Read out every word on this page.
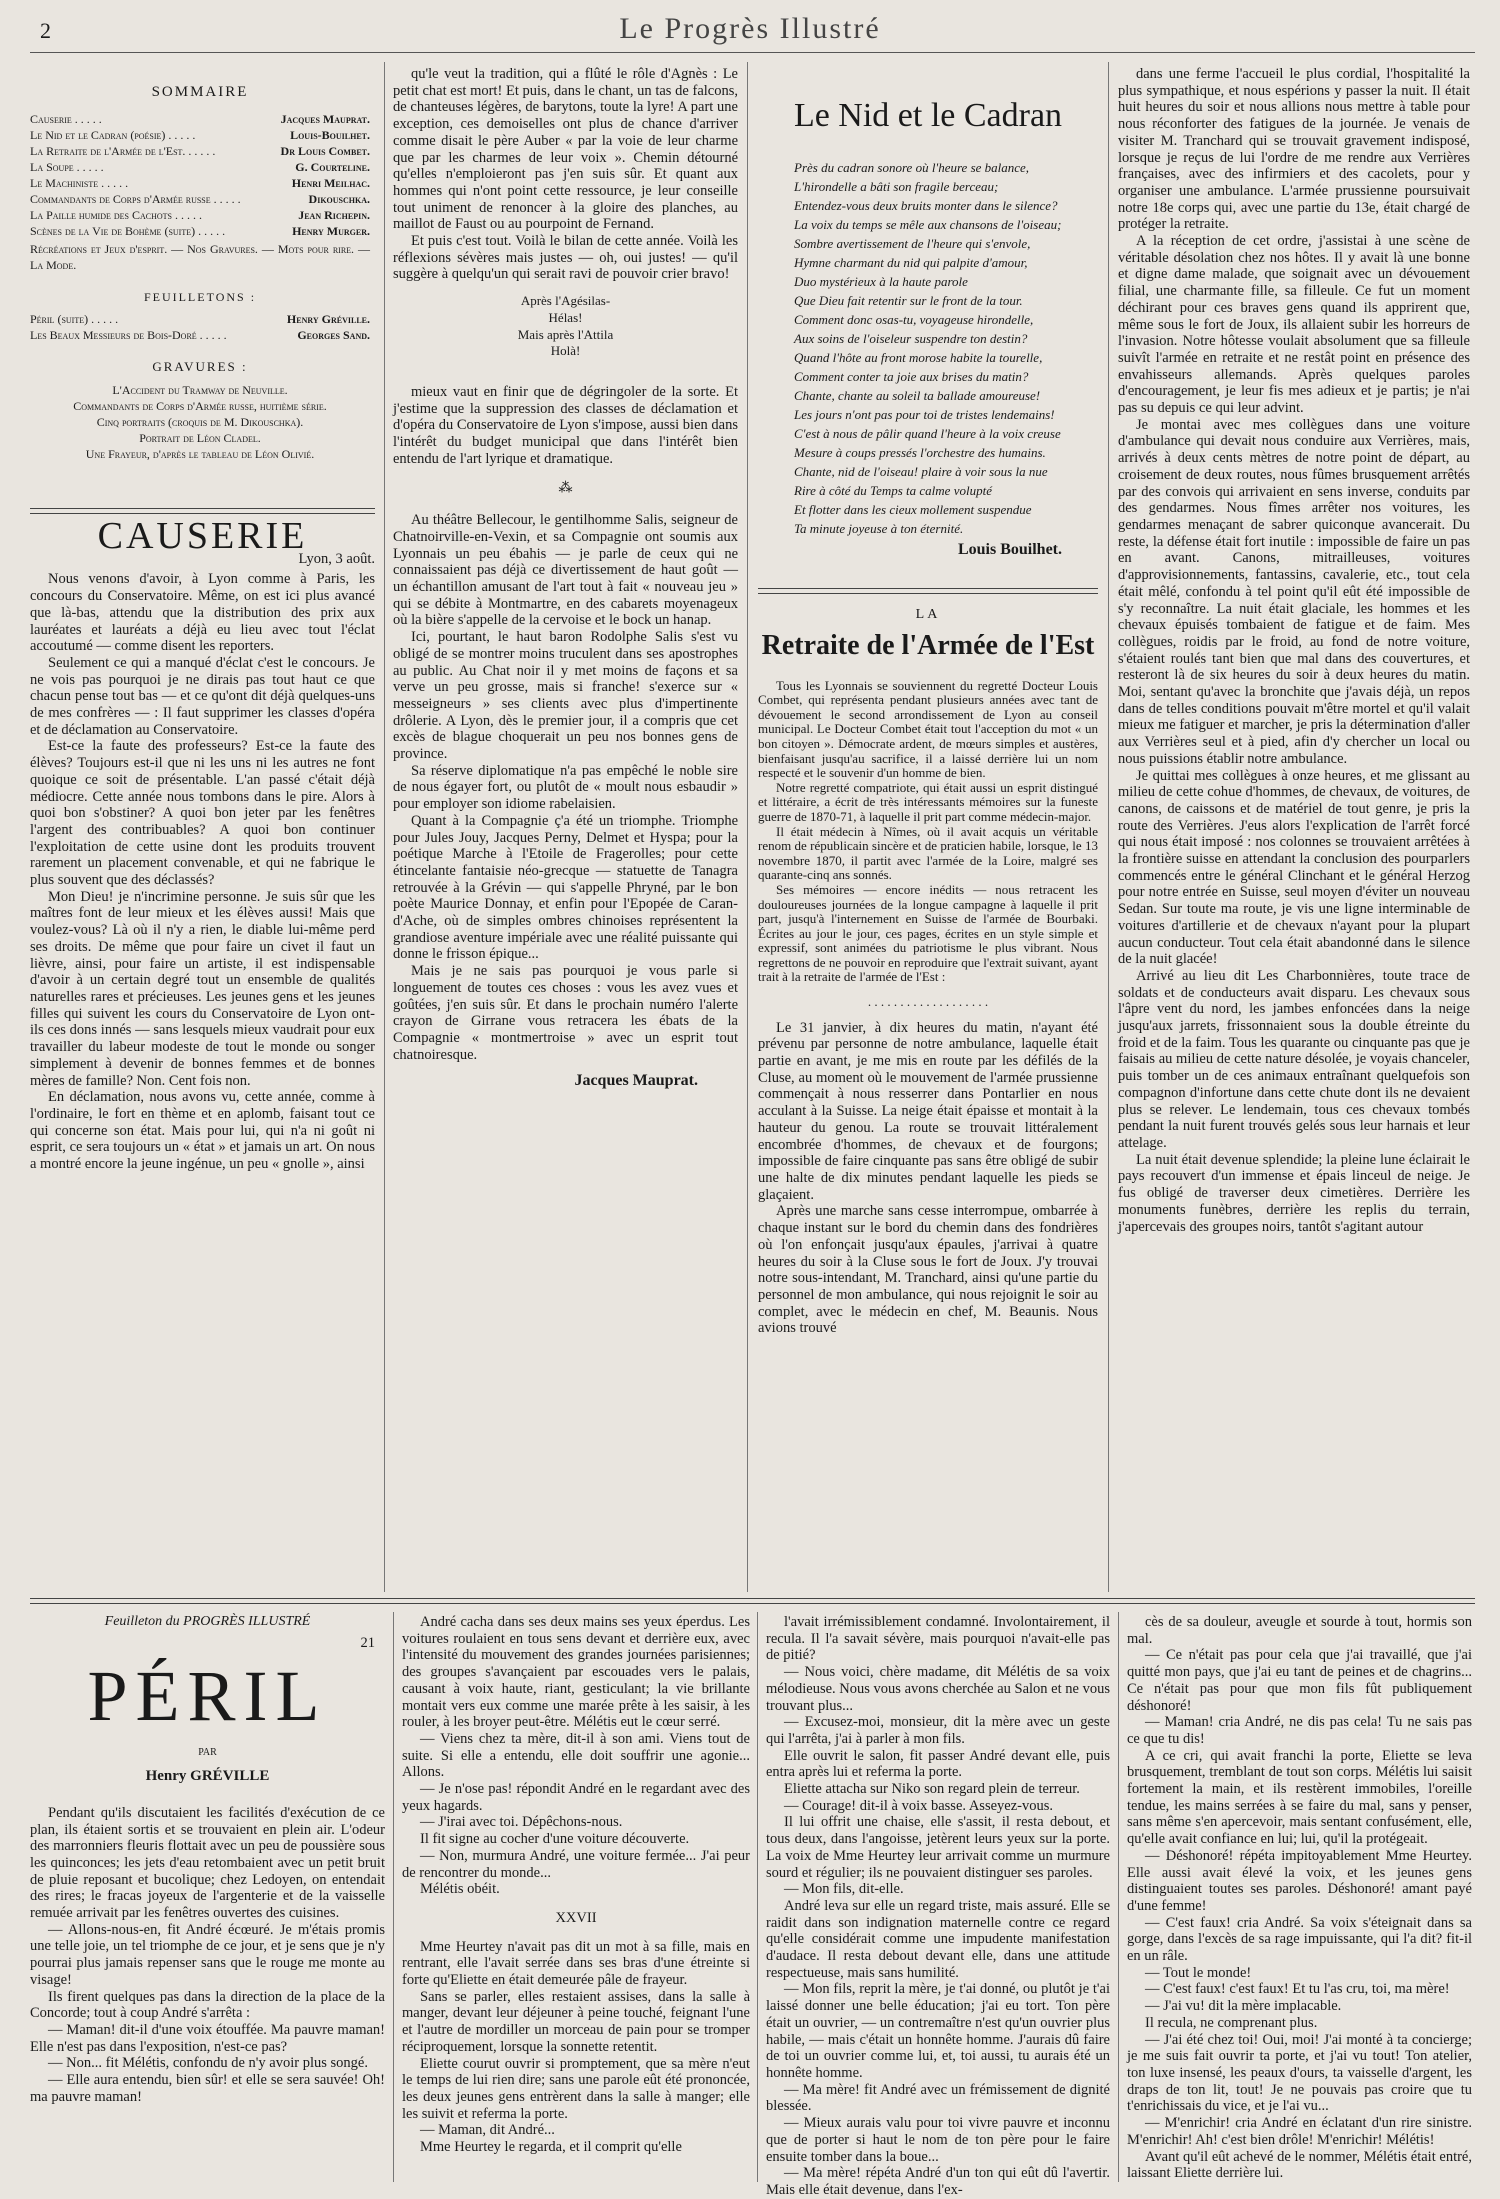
2	Le Progrès Illustré
SOMMAIRE
Causerie . . . . .	Jacques Mauprat.
Le Nid et le Cadran (poésie) . . . . .	Louis-Bouilhet.
La Retraite de l'Armée de l'Est. . . . . .	Dr Louis Combet.
La Soupe . . . . .	G. Courteline.
Le Machiniste . . . . .	Henri Meilhac.
Commandants de Corps d'Armée russe . . . . .	Dikouschka.
La Paille humide des Cachots . . . . .	Jean Richepin.
Scènes de la Vie de Bohème (suite) . . . . .	Henry Murger.
Récréations et Jeux d'esprit. — Nos Gravures. — Mots pour rire. — La Mode.
FEUILLETONS :
Péril (suite) . . . . .	Henry Gréville.
Les Beaux Messieurs de Bois-Doré . . . . .	Georges Sand.
GRAVURES :
L'Accident du Tramway de Neuville.
Commandants de Corps d'Armée russe, huitième série.
Cinq portraits (croquis de M. Dikouschka).
Portrait de Léon Cladel.
Une Frayeur, d'après le tableau de Léon Olivié.
CAUSERIE
Lyon, 3 août.

Nous venons d'avoir, à Lyon comme à Paris, les concours du Conservatoire. Même, on est ici plus avancé que là-bas, attendu que la distribution des prix aux lauréates et lauréats a déjà eu lieu avec tout l'éclat accoutumé — comme disent les reporters.

Seulement ce qui a manqué d'éclat c'est le concours. Je ne vois pas pourquoi je ne dirais pas tout haut ce que chacun pense tout bas — et ce qu'ont dit déjà quelques-uns de mes confrères — : Il faut supprimer les classes d'opéra et de déclamation au Conservatoire.

Est-ce la faute des professeurs? Est-ce la faute des élèves? Toujours est-il que ni les uns ni les autres ne font quoique ce soit de présentable. L'an passé c'était déjà médiocre. Cette année nous tombons dans le pire. Alors à quoi bon s'obstiner? A quoi bon jeter par les fenêtres l'argent des contribuables? A quoi bon continuer l'exploitation de cette usine dont les produits trouvent rarement un placement convenable, et qui ne fabrique le plus souvent que des déclassés?

Mon Dieu! je n'incrimine personne. Je suis sûr que les maîtres font de leur mieux et les élèves aussi! Mais que voulez-vous? Là où il n'y a rien, le diable lui-même perd ses droits. De même que pour faire un civet il faut un lièvre, ainsi, pour faire un artiste, il est indispensable d'avoir à un certain degré tout un ensemble de qualités naturelles rares et précieuses. Les jeunes gens et les jeunes filles qui suivent les cours du Conservatoire de Lyon ont-ils ces dons innés — sans lesquels mieux vaudrait pour eux travailler du labeur modeste de tout le monde ou songer simplement à devenir de bonnes femmes et de bonnes mères de famille? Non. Cent fois non.

En déclamation, nous avons vu, cette année, comme à l'ordinaire, le fort en thème et en aplomb, faisant tout ce qui concerne son état. Mais pour lui, qui n'a ni goût ni esprit, ce sera toujours un « état » et jamais un art. On nous a montré encore la jeune ingénue, un peu « gnolle », ainsi

qu'le veut la tradition, qui a flûté le rôle d'Agnès : Le petit chat est mort! Et puis, dans le chant, un tas de falcons, de chanteuses légères, de barytons, toute la lyre! A part une exception, ces demoiselles ont plus de chance d'arriver comme disait le père Auber « par la voie de leur charme que par les charmes de leur voix ». Chemin détourné qu'elles n'emploieront pas j'en suis sûr. Et quant aux hommes qui n'ont point cette ressource, je leur conseille tout uniment de renoncer à la gloire des planches, au maillot de Faust ou au pourpoint de Fernand.

Et puis c'est tout. Voilà le bilan de cette année. Voilà les réflexions sévères mais justes — oh, oui justes! — qu'il suggère à quelqu'un qui serait ravi de pouvoir crier bravo!

Après l'Agésilas-
Hélas!
Mais après l'Attila
Holà!

mieux vaut en finir que de dégringoler de la sorte. Et j'estime que la suppression des classes de déclamation et d'opéra du Conservatoire de Lyon s'impose, aussi bien dans l'intérêt du budget municipal que dans l'intérêt bien entendu de l'art lyrique et dramatique.

⁂

Au théâtre Bellecour, le gentilhomme Salis, seigneur de Chatnoirville-en-Vexin, et sa Compagnie ont soumis aux Lyonnais un peu ébahis — je parle de ceux qui ne connaissaient pas déjà ce divertissement de haut goût — un échantillon amusant de l'art tout à fait « nouveau jeu » qui se débite à Montmartre, en des cabarets moyenageux où la bière s'appelle de la cervoise et le bock un hanap.

Ici, pourtant, le haut baron Rodolphe Salis s'est vu obligé de se montrer moins truculent dans ses apostrophes au public. Au Chat noir il y met moins de façons et sa verve un peu grosse, mais si franche! s'exerce sur « messeigneurs » ses clients avec plus d'impertinente drôlerie. A Lyon, dès le premier jour, il a compris que cet excès de blague choquerait un peu nos bonnes gens de province.

Sa réserve diplomatique n'a pas empêché le noble sire de nous égayer fort, ou plutôt de « moult nous esbaudir » pour employer son idiome rabelaisien.

Quant à la Compagnie ç'a été un triomphe. Triomphe pour Jules Jouy, Jacques Perny, Delmet et Hyspa; pour la poétique Marche à l'Etoile de Fragerolles; pour cette étincelante fantaisie néo-grecque — statuette de Tanagra retrouvée à la Grévin — qui s'appelle Phryné, par le bon poète Maurice Donnay, et enfin pour l'Epopée de Caran-d'Ache, où de simples ombres chinoises représentent la grandiose aventure impériale avec une réalité puissante qui donne le frisson épique...

Mais je ne sais pas pourquoi je vous parle si longuement de toutes ces choses : vous les avez vues et goûtées, j'en suis sûr. Et dans le prochain numéro l'alerte crayon de Girrane vous retracera les ébats de la Compagnie « montmertroise » avec un esprit tout chatnoiresque.

Jacques Mauprat.
Le Nid et le Cadran
Près du cadran sonore où l'heure se balance,
L'hirondelle a bâti son fragile berceau;
Entendez-vous deux bruits monter dans le silence?
La voix du temps se mêle aux chansons de l'oiseau;
Sombre avertissement de l'heure qui s'envole,
Hymne charmant du nid qui palpite d'amour,
Duo mystérieux à la haute parole
Que Dieu fait retentir sur le front de la tour.
Comment donc osas-tu, voyageuse hirondelle,
Aux soins de l'oiseleur suspendre ton destin?
Quand l'hôte au front morose habite la tourelle,
Comment conter ta joie aux brises du matin?
Chante, chante au soleil ta ballade amoureuse!
Les jours n'ont pas pour toi de tristes lendemains!
C'est à nous de pâlir quand l'heure à la voix creuse
Mesure à coups pressés l'orchestre des humains.
Chante, nid de l'oiseau! plaire à voir sous la nue
Rire à côté du Temps ta calme volupté
Et flotter dans les cieux mollement suspendue
Ta minute joyeuse à ton éternité.
Louis Bouilhet.
LA
Retraite de l'Armée de l'Est

Tous les Lyonnais se souviennent du regretté Docteur Louis Combet, qui représenta pendant plusieurs années avec tant de dévouement le second arrondissement de Lyon au conseil municipal. Le Docteur Combet était tout l'acception du mot « un bon citoyen ». Démocrate ardent, de mœurs simples et austères, bienfaisant jusqu'au sacrifice, il a laissé derrière lui un nom respecté et le souvenir d'un homme de bien.

Notre regretté compatriote, qui était aussi un esprit distingué et littéraire, a écrit de très intéressants mémoires sur la funeste guerre de 1870-71, à laquelle il prit part comme médecin-major.

Il était médecin à Nîmes, où il avait acquis un véritable renom de républicain sincère et de praticien habile, lorsque, le 13 novembre 1870, il partit avec l'armée de la Loire, malgré ses quarante-cinq ans sonnés.

Ses mémoires — encore inédits — nous retracent les douloureuses journées de la longue campagne à laquelle il prit part, jusqu'à l'internement en Suisse de l'armée de Bourbaki. Écrites au jour le jour, ces pages, écrites en un style simple et expressif, sont animées du patriotisme le plus vibrant. Nous regrettons de ne pouvoir en reproduire que l'extrait suivant, ayant trait à la retraite de l'armée de l'Est :

. . . . . . . . . . . . . . . . . . .

Le 31 janvier, à dix heures du matin, n'ayant été prévenu par personne de notre ambulance, laquelle était partie en avant, je me mis en route par les défilés de la Cluse, au moment où le mouvement de l'armée prussienne commençait à nous resserrer dans Pontarlier en nous acculant à la Suisse. La neige était épaisse et montait à la hauteur du genou. La route se trouvait littéralement encombrée d'hommes, de chevaux et de fourgons; impossible de faire cinquante pas sans être obligé de subir une halte de dix minutes pendant laquelle les pieds se glaçaient.

Après une marche sans cesse interrompue, ombarrée à chaque instant sur le bord du chemin dans des fondrières où l'on enfonçait jusqu'aux épaules, j'arrivai à quatre heures du soir à la Cluse sous le fort de Joux. J'y trouvai notre sous-intendant, M. Tranchard, ainsi qu'une partie du personnel de mon ambulance, qui nous rejoignit le soir au complet, avec le médecin en chef, M. Beaunis. Nous avions trouvé

dans une ferme l'accueil le plus cordial, l'hospitalité la plus sympathique, et nous espérions y passer la nuit. Il était huit heures du soir et nous allions nous mettre à table pour nous réconforter des fatigues de la journée. Je venais de visiter M. Tranchard qui se trouvait gravement indisposé, lorsque je reçus de lui l'ordre de me rendre aux Verrières françaises, avec des infirmiers et des cacolets, pour y organiser une ambulance. L'armée prussienne poursuivait notre 18e corps qui, avec une partie du 13e, était chargé de protéger la retraite.

A la réception de cet ordre, j'assistai à une scène de véritable désolation chez nos hôtes. Il y avait là une bonne et digne dame malade, que soignait avec un dévouement filial, une charmante fille, sa filleule. Ce fut un moment déchirant pour ces braves gens quand ils apprirent que, même sous le fort de Joux, ils allaient subir les horreurs de l'invasion. Notre hôtesse voulait absolument que sa filleule suivît l'armée en retraite et ne restât point en présence des envahisseurs allemands. Après quelques paroles d'encouragement, je leur fis mes adieux et je partis; je n'ai pas su depuis ce qui leur advint.

Je montai avec mes collègues dans une voiture d'ambulance qui devait nous conduire aux Verrières, mais, arrivés à deux cents mètres de notre point de départ, au croisement de deux routes, nous fûmes brusquement arrêtés par des convois qui arrivaient en sens inverse, conduits par des gendarmes. Nous fîmes arrêter nos voitures, les gendarmes menaçant de sabrer quiconque avancerait. Du reste, la défense était fort inutile : impossible de faire un pas en avant. Canons, mitrailleuses, voitures d'approvisionnements, fantassins, cavalerie, etc., tout cela était mêlé, confondu à tel point qu'il eût été impossible de s'y reconnaître. La nuit était glaciale, les hommes et les chevaux épuisés tombaient de fatigue et de faim. Mes collègues, roidis par le froid, au fond de notre voiture, s'étaient roulés tant bien que mal dans des couvertures, et resteront là de six heures du soir à deux heures du matin. Moi, sentant qu'avec la bronchite que j'avais déjà, un repos dans de telles conditions pouvait m'être mortel et qu'il valait mieux me fatiguer et marcher, je pris la détermination d'aller aux Verrières seul et à pied, afin d'y chercher un local ou nous puissions établir notre ambulance.

Je quittai mes collègues à onze heures, et me glissant au milieu de cette cohue d'hommes, de chevaux, de voitures, de canons, de caissons et de matériel de tout genre, je pris la route des Verrières. J'eus alors l'explication de l'arrêt forcé qui nous était imposé : nos colonnes se trouvaient arrêtées à la frontière suisse en attendant la conclusion des pourparlers commencés entre le général Clinchant et le général Herzog pour notre entrée en Suisse, seul moyen d'éviter un nouveau Sedan. Sur toute ma route, je vis une ligne interminable de voitures d'artillerie et de chevaux n'ayant pour la plupart aucun conducteur. Tout cela était abandonné dans le silence de la nuit glacée!

Arrivé au lieu dit Les Charbonnières, toute trace de soldats et de conducteurs avait disparu. Les chevaux sous l'âpre vent du nord, les jambes enfoncées dans la neige jusqu'aux jarrets, frissonnaient sous la double étreinte du froid et de la faim. Tous les quarante ou cinquante pas que je faisais au milieu de cette nature désolée, je voyais chanceler, puis tomber un de ces animaux entraînant quelquefois son compagnon d'infortune dans cette chute dont ils ne devaient plus se relever. Le lendemain, tous ces chevaux tombés pendant la nuit furent trouvés gelés sous leur harnais et leur attelage.

La nuit était devenue splendide; la pleine lune éclairait le pays recouvert d'un immense et épais linceul de neige. Je fus obligé de traverser deux cimetières. Derrière les monuments funèbres, derrière les replis du terrain, j'apercevais des groupes noirs, tantôt s'agitant autour

Feuilleton du PROGRÈS ILLUSTRÉ
21
PÉRIL
PAR
Henry GRÉVILLE

Pendant qu'ils discutaient les facilités d'exécution de ce plan, ils étaient sortis et se trouvaient en plein air. L'odeur des marronniers fleuris flottait avec un peu de poussière sous les quinconces; les jets d'eau retombaient avec un petit bruit de pluie reposant et bucolique; chez Ledoyen, on entendait des rires; le fracas joyeux de l'argenterie et de la vaisselle remuée arrivait par les fenêtres ouvertes des cuisines.

— Allons-nous-en, fit André écœuré. Je m'étais promis une telle joie, un tel triomphe de ce jour, et je sens que je n'y pourrai plus jamais repenser sans que le rouge me monte au visage!

Ils firent quelques pas dans la direction de la place de la Concorde; tout à coup André s'arrêta :

— Maman! dit-il d'une voix étouffée. Ma pauvre maman! Elle n'est pas dans l'exposition, n'est-ce pas?

— Non... fit Mélétis, confondu de n'y avoir plus songé.

— Elle aura entendu, bien sûr! et elle se sera sauvée! Oh! ma pauvre maman!

André cacha dans ses deux mains ses yeux éperdus. Les voitures roulaient en tous sens devant et derrière eux, avec l'intensité du mouvement des grandes journées parisiennes; des groupes s'avançaient par escouades vers le palais, causant à voix haute, riant, gesticulant; la vie brillante montait vers eux comme une marée prête à les saisir, à les rouler, à les broyer peut-être. Mélétis eut le cœur serré.

— Viens chez ta mère, dit-il à son ami. Viens tout de suite. Si elle a entendu, elle doit souffrir une agonie... Allons.

— Je n'ose pas! répondit André en le regardant avec des yeux hagards.

— J'irai avec toi. Dépêchons-nous.

Il fit signe au cocher d'une voiture découverte.

— Non, murmura André, une voiture fermée... J'ai peur de rencontrer du monde...

Mélétis obéit.

XXVII

Mme Heurtey n'avait pas dit un mot à sa fille, mais en rentrant, elle l'avait serrée dans ses bras d'une étreinte si forte qu'Eliette en était demeurée pâle de frayeur.

Sans se parler, elles restaient assises, dans la salle à manger, devant leur déjeuner à peine touché, feignant l'une et l'autre de mordiller un morceau de pain pour se tromper réciproquement, lorsque la sonnette retentit.

Eliette courut ouvrir si promptement, que sa mère n'eut le temps de lui rien dire; sans une parole eût été prononcée, les deux jeunes gens entrèrent dans la salle à manger; elle les suivit et referma la porte.

— Maman, dit André...

Mme Heurtey le regarda, et il comprit qu'elle

l'avait irrémissiblement condamné. Involontairement, il recula. Il l'a savait sévère, mais pourquoi n'avait-elle pas de pitié?

— Nous voici, chère madame, dit Mélétis de sa voix mélodieuse. Nous vous avons cherchée au Salon et ne vous trouvant plus...

— Excusez-moi, monsieur, dit la mère avec un geste qui l'arrêta, j'ai à parler à mon fils.

Elle ouvrit le salon, fit passer André devant elle, puis entra après lui et referma la porte.

Eliette attacha sur Niko son regard plein de terreur.

— Courage! dit-il à voix basse. Asseyez-vous.

Il lui offrit une chaise, elle s'assit, il resta debout, et tous deux, dans l'angoisse, jetèrent leurs yeux sur la porte. La voix de Mme Heurtey leur arrivait comme un murmure sourd et régulier; ils ne pouvaient distinguer ses paroles.

— Mon fils, dit-elle.

André leva sur elle un regard triste, mais assuré. Elle se raidit dans son indignation maternelle contre ce regard qu'elle considérait comme une impudente manifestation d'audace. Il resta debout devant elle, dans une attitude respectueuse, mais sans humilité.

— Mon fils, reprit la mère, je t'ai donné, ou plutôt je t'ai laissé donner une belle éducation; j'ai eu tort. Ton père était un ouvrier, — un contremaître n'est qu'un ouvrier plus habile, — mais c'était un honnête homme. J'aurais dû faire de toi un ouvrier comme lui, et, toi aussi, tu aurais été un honnête homme.

— Ma mère! fit André avec un frémissement de dignité blessée.

— Mieux aurais valu pour toi vivre pauvre et inconnu que de porter si haut le nom de ton père pour le faire ensuite tomber dans la boue...

— Ma mère! répéta André d'un ton qui eût dû l'avertir. Mais elle était devenue, dans l'ex-

cès de sa douleur, aveugle et sourde à tout, hormis son mal.

— Ce n'était pas pour cela que j'ai travaillé, que j'ai quitté mon pays, que j'ai eu tant de peines et de chagrins... Ce n'était pas pour que mon fils fût publiquement déshonoré!

— Maman! cria André, ne dis pas cela! Tu ne sais pas ce que tu dis!

A ce cri, qui avait franchi la porte, Eliette se leva brusquement, tremblant de tout son corps. Mélétis lui saisit fortement la main, et ils restèrent immobiles, l'oreille tendue, les mains serrées à se faire du mal, sans y penser, sans même s'en apercevoir, mais sentant confusément, elle, qu'elle avait confiance en lui; lui, qu'il la protégeait.

— Déshonoré! répéta impitoyablement Mme Heurtey. Elle aussi avait élevé la voix, et les jeunes gens distinguaient toutes ses paroles. Déshonoré! amant payé d'une femme!

— C'est faux! cria André. Sa voix s'éteignait dans sa gorge, dans l'excès de sa rage impuissante, qui l'a dit? fit-il en un râle.

— Tout le monde!

— C'est faux! c'est faux! Et tu l'as cru, toi, ma mère!

— J'ai vu! dit la mère implacable.

Il recula, ne comprenant plus.

— J'ai été chez toi! Oui, moi! J'ai monté à ta concierge; je me suis fait ouvrir ta porte, et j'ai vu tout! Ton atelier, ton luxe insensé, les peaux d'ours, ta vaisselle d'argent, les draps de ton lit, tout! Je ne pouvais pas croire que tu t'enrichissais du vice, et je l'ai vu...

— M'enrichir! cria André en éclatant d'un rire sinistre. M'enrichir! Ah! c'est bien drôle! M'enrichir! Mélétis!

Avant qu'il eût achevé de le nommer, Mélétis était entré, laissant Eliette derrière lui.
